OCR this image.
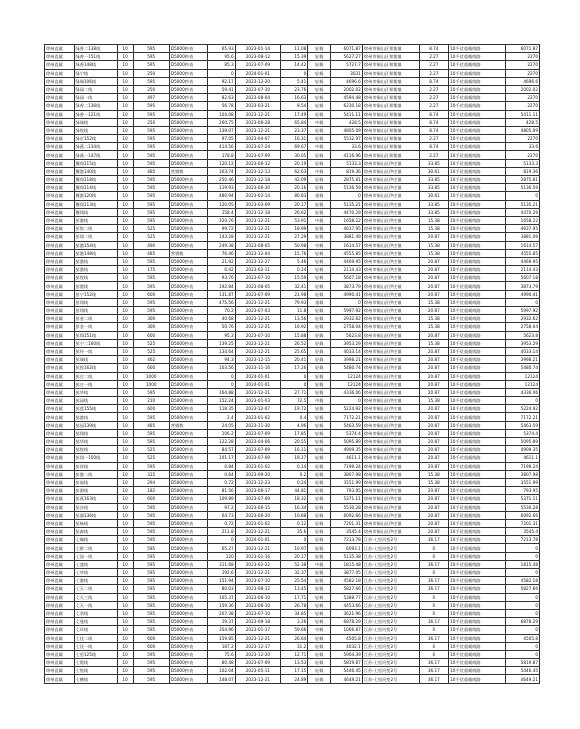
徐州直属	绿香二138线	10	595	D5000抄表	65.93	2023-01-14	11.08	轻载	6071.87	徐州市铜山区郑集镇	8.74	10千伏重载线路	6071.87
徐州直属	绿香一151线	10	595	D5000抄表	95.6	2023-08-12	15.39	轻载	5627.27	徐州市铜山区郑集镇	2.27	10千伏重载线路	2270
徐州直属	绿香148线	10	595	D5000抄表	85.3	2023-07-09	14.42	轻载	5727.7	徐州市铜山区郑集镇	2.27	10千伏重载线路	2270
徐州直属	绿宁线	10	250	D5000抄表	0	2024-01-01	0	轻载	3031	徐州市铜山区郑集镇	2.27	10千伏重载线路	2270
徐州直属	绿瑞106线	10	595	D5000抄表	92.17	2023-12-20	5.41	轻载	4696.6	徐州市铜山区郑集镇	8.74	10千伏重载线路	4696.6
徐州直属	绿园二线	10	250	D5000抄表	59.41	2023-07-10	23.76	轻载	2002.02	徐州市铜山区郑集镇	2.27	10千伏重载线路	2002.02
徐州直属	绿园一线	10	497	D5000抄表	82.63	2023-08-04	16.63	轻载	4594.48	徐州市铜山区郑集镇	2.27	10千伏重载线路	2270
徐州直属	绿香二136线	10	595	D5000抄表	56.78	2023-03-21	9.54	轻载	6230.18	徐州市铜山区郑集镇	2.27	10千伏重载线路	2270
徐州直属	绿香一121线	10	595	D5000抄表	104.08	2023-12-21	17.49	轻载	5411.11	徐州市铜山区郑集镇	8.74	10千伏重载线路	5411.11
徐州直属	绿瑞线	10	250	D5000抄表	260.75	2023-06-28	65.84	中载	428.5	徐州市铜山区郑集镇	8.74	10千伏重载线路	428.5
徐州直属	绿悦线	10	595	D5000抄表	139.07	2023-12-21	23.37	轻载	4805.09	徐州市铜山区郑集镇	8.74	10千伏重载线路	4805.09
徐州直属	绿京152线	10	595	D5000抄表	97.05	2023-04-07	16.31	轻载	5532.97	徐州市铜山区郑集镇	2.27	10千伏重载线路	2270
徐州直属	绿燕二134线	10	595	D5000抄表	414.56	2023-07-24	69.67	中载	33.6	徐州市铜山区郑集镇	8.74	10千伏重载线路	33.6
徐州直属	绿燕一147线	10	595	D5000抄表	178.8	2023-07-09	30.05	轻载	4116.96	徐州市铜山区郑集镇	2.27	10千伏重载线路	2270
徐州直属	鹰翔115线	10	595	D5000抄表	120.12	2023-06-12	20.19	轻载	5133.3	徐州市铜山区伊庄镇	33.85	10千伏重载线路	5133.3
徐州直属	鹰港140线	10	485	营销数	303.74	2023-12-13	62.63	中载	819.36	徐州市铜山区伊庄镇	30.61	10千伏重载线路	819.36
徐州直属	鹰翔118线	10	595	D5000抄表	250.46	2023-12-18	42.09	轻载	2875.81	徐州市铜山区伊庄镇	33.85	10千伏重载线路	2875.81
徐州直属	鹰翔114线	10	595	D5000抄表	119.93	2023-06-30	20.16	轻载	5136.59	徐州市铜山区伊庄镇	33.85	10千伏重载线路	5136.59
徐州直属	鹰港120线	10	595	D5000抄表	480.94	2023-02-14	80.83	重载	0	徐州市铜山区伊庄镇	30.61	10千伏重载线路	0
徐州直属	鹰翔113线	10	595	D5000抄表	120.05	2023-03-09	20.17	轻载	5135.21	徐州市铜山区伊庄镇	33.85	10千伏重载线路	5135.21
徐州直属	鹰翔线	10	595	D5000抄表	158.4	2023-12-18	26.62	轻载	4470.29	徐州市铜山区伊庄镇	33.85	10千伏重载线路	4470.29
徐州直属	彭港线	10	595	D5000抄表	320.76	2023-12-21	53.91	中载	1658.22	徐州市铜山区伊庄镇	15.38	10千伏重载线路	1658.22
徐州直属	彭悦二线	10	525	D5000抄表	99.72	2023-12-21	18.99	轻载	4637.95	徐州市铜山区伊庄镇	15.38	10千伏重载线路	4637.95
徐州直属	彭翔二线	10	525	D5000抄表	143.28	2023-12-21	27.29	轻载	3881.49	徐州市铜山区伊庄镇	20.87	10千伏重载线路	3881.49
徐州直属	彭港154线	10	490	D5000抄表	249.38	2023-08-05	50.98	中载	1614.57	徐州市铜山区伊庄镇	15.38	10千伏重载线路	1614.57
徐州直属	彭港148线	10	485	营销数	76.46	2023-12-04	15.76	轻载	4555.85	徐州市铜山区伊庄镇	15.38	10千伏重载线路	4555.85
徐州直属	彭港线	10	595	D5000抄表	21.92	2023-12-27	5.46	轻载	4469.95	徐州市铜山区伊庄镇	20.87	10千伏重载线路	4469.95
徐州直属	彭港线	10	175	D5000抄表	0.42	2023-02-11	0.24	轻载	2114.43	徐州市铜山区伊庄镇	20.87	10千伏重载线路	2114.43
徐州直属	彭悦线	10	595	D5000抄表	93.76	2023-07-10	15.59	轻载	5607.18	徐州市铜山区伊庄镇	20.87	10千伏重载线路	5607.18
徐州直属	彭港线	10	595	D5000抄表	192.84	2023-08-05	32.41	轻载	3873.79	徐州市铜山区伊庄镇	20.87	10千伏重载线路	3873.79
徐州直属	彭宁152线	10	600	D5000抄表	131.87	2023-07-09	21.98	轻载	4990.41	徐州市铜山区伊庄镇	20.87	10千伏重载线路	4990.41
徐州直属	彭翔线	10	595	D5000抄表	475.56	2023-12-21	79.93	重载	0	徐州市铜山区伊庄镇	15.38	10千伏重载线路	0
徐州直属	彭翔线	10	595	D5000抄表	70.2	2023-07-03	11.8	轻载	5997.92	徐州市铜山区伊庄镇	20.87	10千伏重载线路	5997.92
徐州直属	彭金二线	10	300	D5000抄表	40.68	2023-12-21	13.56	轻载	2932.62	徐州市铜山区伊庄镇	15.38	10千伏重载线路	2932.62
徐州直属	彭金一线	10	300	D5000抄表	50.76	2023-12-21	16.92	轻载	2758.04	徐州市铜山区伊庄镇	15.38	10千伏重载线路	2758.04
徐州直属	彭翔151线	10	600	D5000抄表	95.3	2023-07-10	15.88	轻载	5623.8	徐州市铜山区伊庄镇	20.87	10千伏重载线路	5623.8
徐州直属	彭宁二160线	10	525	D5000抄表	139.25	2023-12-21	26.52	轻载	3953.29	徐州市铜山区伊庄镇	15.38	10千伏重载线路	3953.29
徐州直属	彭经一线	10	525	D5000抄表	134.64	2023-12-21	25.65	轻载	4033.14	徐州市铜山区伊庄镇	20.87	10千伏重载线路	4033.14
徐州直属	彭瑞线	10	462	D5000抄表	94.3	2023-12-15	20.41	轻载	3998.21	徐州市铜山区伊庄镇	20.87	10千伏重载线路	3998.21
徐州直属	彭悦162线	10	600	D5000抄表	103.56	2023-11-16	17.26	轻载	5480.74	徐州市铜山区伊庄镇	20.87	10千伏重载线路	5480.74
徐州直属	彭庄二线	10	1000	D5000抄表	0	2024-01-01	0	轻载	12124	徐州市铜山区伊庄镇	20.87	10千伏重载线路	12124
徐州直属	彭庄一线	10	1000	D5000抄表	0	2024-01-01	0	轻载	12124	徐州市铜山区伊庄镇	20.87	10千伏重载线路	12124
徐州直属	彭华线	10	595	D5000抄表	164.88	2023-12-21	27.71	轻载	4336.06	徐州市铜山区伊庄镇	20.87	10千伏重载线路	4336.06
徐州直属	彭园线	10	210	D5000抄表	152.24	2023-01-03	72.5	中载	0	徐州市铜山区伊庄镇	15.38	10千伏重载线路	0
徐州直属	彭莲155线	10	600	D5000抄表	118.35	2023-12-07	19.72	轻载	5224.92	徐州市铜山区伊庄镇	20.87	10千伏重载线路	5224.92
徐州直属	彭港线	10	595	D5000抄表	2.4	2023-01-02	0.4	轻载	7172.21	徐州市铜山区伊庄镇	20.87	10千伏重载线路	7172.21
徐州直属	彭园139线	10	485	营销数	24.05	2023-11-30	4.96	轻载	5463.59	徐州市铜山区伊庄镇	20.87	10千伏重载线路	5463.59
徐州直属	彭翔线	10	595	D5000抄表	106.2	2023-07-09	17.85	轻载	5374.4	徐州市铜山区伊庄镇	20.87	10千伏重载线路	5374.4
徐州直属	彭华线	10	595	D5000抄表	122.28	2023-04-06	20.55	轻载	5095.89	徐州市铜山区伊庄镇	20.87	10千伏重载线路	5095.89
徐州直属	彭悦线	10	525	D5000抄表	84.57	2023-07-09	16.11	轻载	4909.35	徐州市铜山区伊庄镇	20.87	10千伏重载线路	4909.35
徐州直属	彭翔一150线	10	525	D5000抄表	101.17	2023-07-09	19.27	轻载	4611.1	徐州市铜山区伊庄镇	20.87	10千伏重载线路	4611.1
徐州直属	彭祥线	10	595	D5000抄表	0.84	2023-01-02	0.14	轻载	7199.24	徐州市铜山区伊庄镇	20.87	10千伏重载线路	7199.24
徐州直属	彭港二线	10	315	D5000抄表	0.64	2023-09-20	0.2	轻载	3807.98	徐州市铜山区伊庄镇	15.38	10千伏重载线路	3807.98
徐州直属	彭福线	10	294	D5000抄表	0.72	2023-12-23	0.24	轻载	3551.99	徐州市铜山区伊庄镇	15.38	10千伏重载线路	3551.99
徐州直属	彭源线	10	182	D5000抄表	81.56	2023-06-17	44.81	轻载	793.95	徐州市铜山区伊庄镇	20.87	10千伏重载线路	793.95
徐州直属	彭燕163线	10	600	D5000抄表	109.89	2023-07-09	18.32	轻载	5371.11	徐州市铜山区伊庄镇	20.87	10千伏重载线路	5371.11
徐州直属	彭沙线	10	595	D5000抄表	97.2	2023-06-15	16.34	轻载	5530.28	徐州市铜山区伊庄镇	20.87	10千伏重载线路	5530.28
徐州直属	彭湖136线	10	595	D5000抄表	64.73	2023-06-20	10.88	轻载	6092.66	徐州市铜山区伊庄镇	20.87	10千伏重载线路	6092.66
徐州直属	彭杨线	10	595	D5000抄表	0.72	2023-01-02	0.12	轻载	7201.31	徐州市铜山区伊庄镇	20.87	10千伏重载线路	7201.31
徐州直属	彭森线	10	595	D5000抄表	211.8	2023-12-21	35.6	轻载	3545.4	徐州市铜山区伊庄镇	20.87	10千伏重载线路	3545.4
徐州直属	七佩线	10	595	D5000抄表	0	2024-01-01	0	轻载	7213.78	江苏-七里河变2号	36.17	10千伏重载线路	7213.78
徐州直属	七桥二线	10	595	D5000抄表	65.27	2023-12-21	10.97	轻载	6093.1	江苏-七里河变2号	0	10千伏重载线路	0
徐州直属	七园一线	10	595	D5000抄表	120	2023-01-16	20.17	轻载	5135.38	江苏-七里河变2号	0	10千伏重载线路	0
徐州直属	七盛线	10	595	D5000抄表	311.68	2023-02-22	52.38	中载	1815.48	江苏-七里河变2号	36.17	10千伏重载线路	1815.48
徐州直属	七华线	10	595	D5000抄表	192.6	2023-12-21	32.37	轻载	3877.05	江苏-七里河变2号	0	10千伏重载线路	0
徐州直属	七港线	10	595	D5000抄表	151.94	2023-07-10	25.54	轻载	4582.18	江苏-七里河变2号	36.17	10千伏重载线路	4582.18
徐州直属	七天二线	10	595	D5000抄表	80.03	2023-08-12	13.45	轻载	5827.66	江苏-七里河变2号	36.17	10千伏重载线路	5827.66
徐州直属	七天三线	10	595	D5000抄表	105.37	2023-06-10	17.71	轻载	5388.77	江苏-七里河变2号	0	10千伏重载线路	0
徐州直属	七天一线	10	595	D5000抄表	159.36	2023-06-10	26.78	轻载	4453.66	江苏-七里河变2号	0	10千伏重载线路	0
徐州直属	七翠线	10	595	D5000抄表	207.38	2023-07-10	34.85	轻载	3621.96	江苏-七里河变2号	0	10千伏重载线路	0
徐州直属	七曼线	10	595	D5000抄表	19.37	2023-09-18	3.26	轻载	6878.29	江苏-七里河变2号	36.17	10千伏重载线路	6878.29
徐州直属	七环线	10	595	D5000抄表	354.96	2023-01-17	59.66	中载	1066.87	江苏-七里河变2号	0	10千伏重载线路	0
徐州直属	七佳二线	10	600	D5000抄表	159.85	2023-12-21	26.64	轻载	4505.8	江苏-七里河变2号	36.17	10千伏重载线路	4505.8
徐州直属	七佳一线	10	600	D5000抄表	187.2	2023-12-17	31.2	轻载	4032.1	江苏-七里河变2号	0	10千伏重载线路	0
徐州直属	七里125线	10	595	D5000抄表	75.6	2023-12-20	12.71	轻载	5904.39	江苏-七里河变2号	0	10千伏重载线路	0
徐州直属	七霞线	10	595	D5000抄表	80.48	2023-07-09	13.53	轻载	5819.87	江苏-七里河变2号	36.17	10千伏重载线路	5819.87
徐州直属	七悦线	10	595	D5000抄表	102.04	2023-05-11	17.15	轻载	5446.45	江苏-七里河变2号	36.17	10千伏重载线路	5446.45
徐州直属	七横线	10	595	D5000抄表	148.07	2023-12-21	24.89	轻载	4649.21	江苏-七里河变2号	36.17	10千伏重载线路	4649.21
